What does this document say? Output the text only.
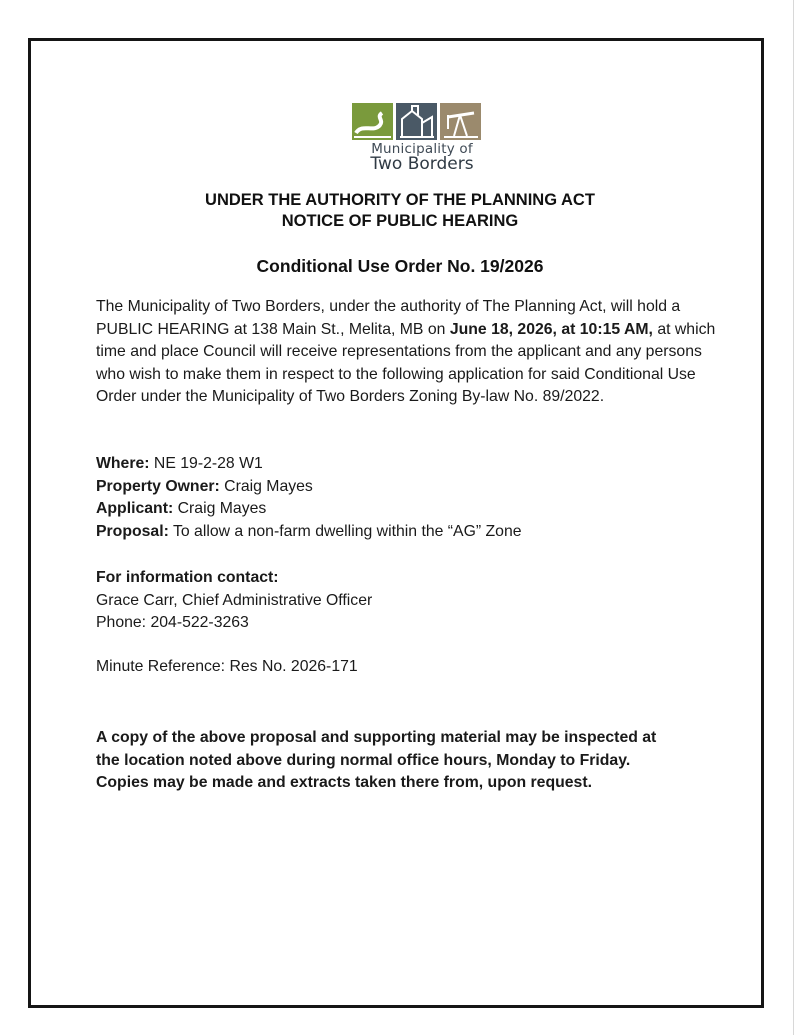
Municipality of
Two Borders
UNDER THE AUTHORITY OF THE PLANNING ACT
NOTICE OF PUBLIC HEARING
Conditional Use Order No. 19/2026
The Municipality of Two Borders, under the authority of The Planning Act, will hold a PUBLIC HEARING at 138 Main St., Melita, MB on June 18, 2026, at 10:15 AM, at which time and place Council will receive representations from the applicant and any persons who wish to make them in respect to the following application for said Conditional Use Order under the Municipality of Two Borders Zoning By-law No. 89/2022.
Where: NE 19-2-28 W1
Property Owner: Craig Mayes
Applicant: Craig Mayes
Proposal: To allow a non-farm dwelling within the “AG” Zone
For information contact:
Grace Carr, Chief Administrative Officer
Phone: 204-522-3263
Minute Reference: Res No. 2026-171
A copy of the above proposal and supporting material may be inspected at
the location noted above during normal office hours, Monday to Friday.
Copies may be made and extracts taken there from, upon request.
